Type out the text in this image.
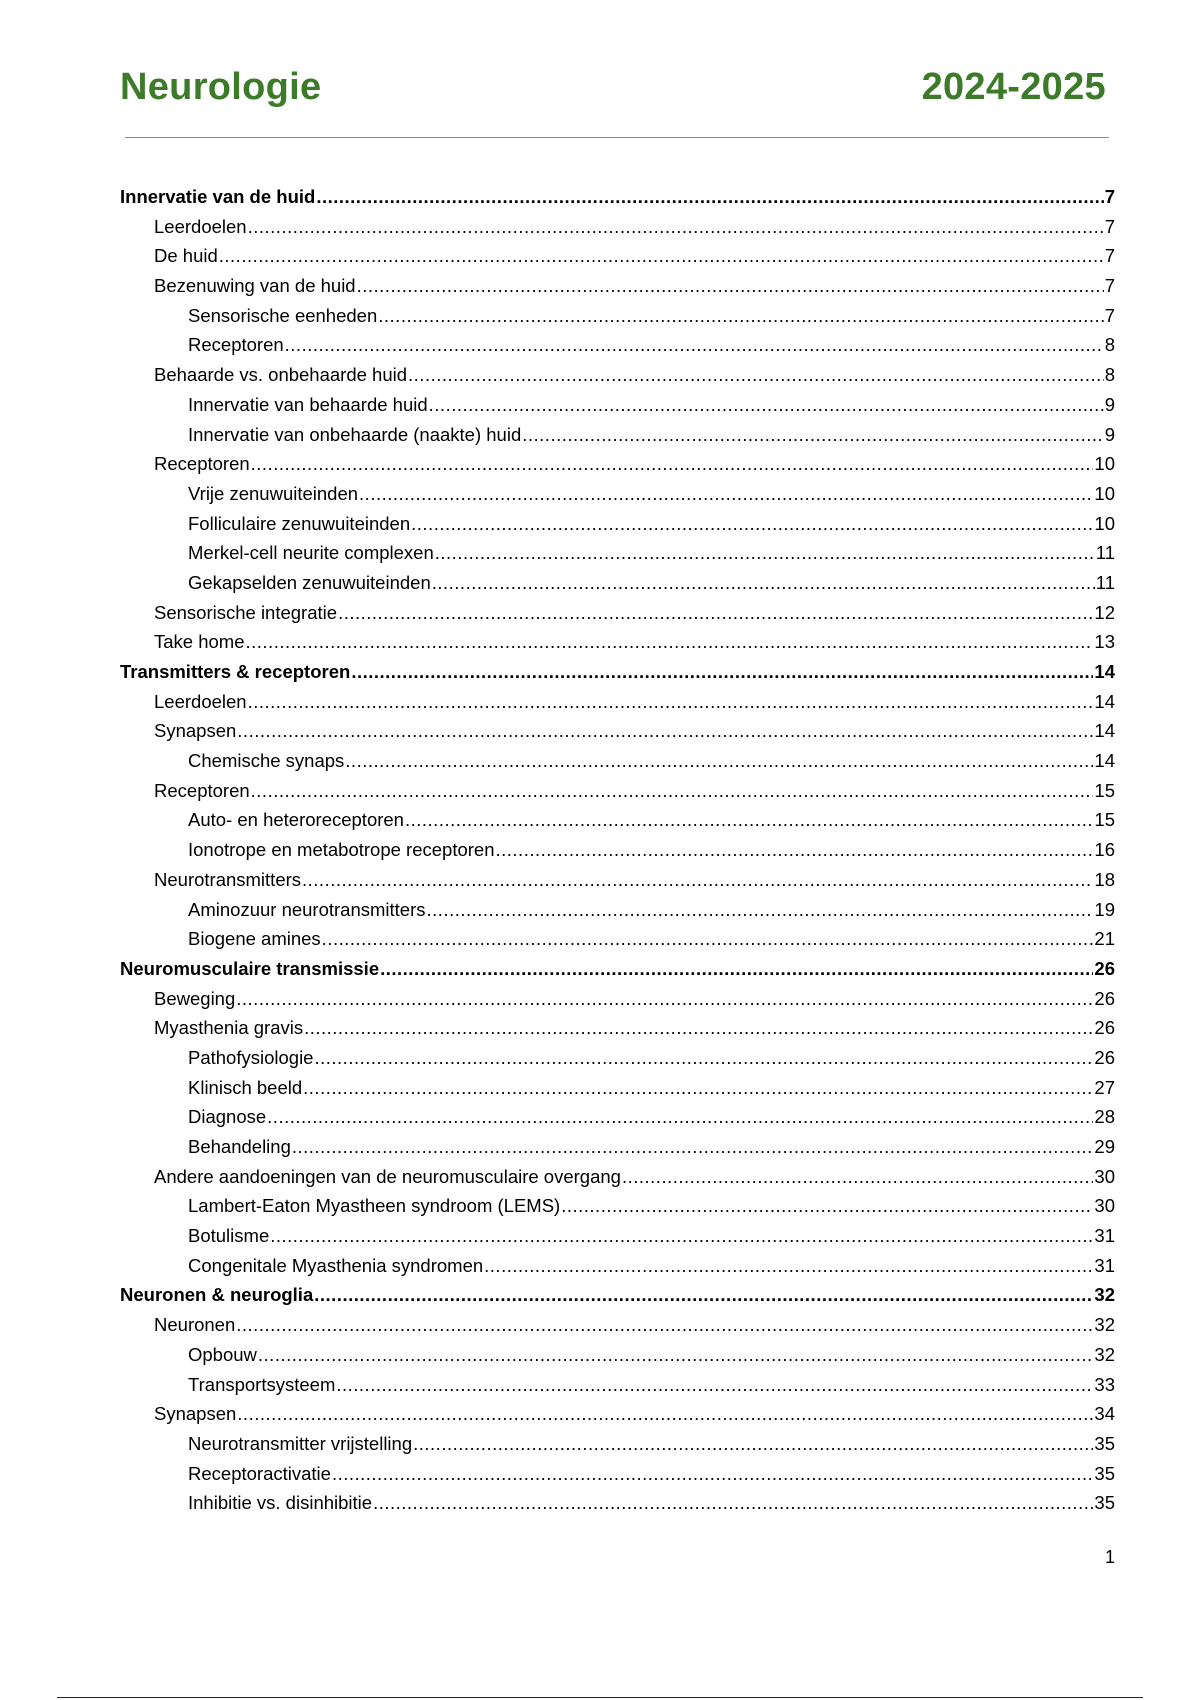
Neurologie	2024-2025
Innervatie van de huid .....	7
Leerdoelen .....	7
De huid .....	7
Bezenuwing van de huid .....	7
Sensorische eenheden .....	7
Receptoren .....	8
Behaarde vs. onbehaarde huid .....	8
Innervatie van behaarde huid .....	9
Innervatie van onbehaarde (naakte) huid .....	9
Receptoren .....	10
Vrije zenuwuiteinden .....	10
Folliculaire zenuwuiteinden .....	10
Merkel-cell neurite complexen .....	11
Gekapselden zenuwuiteinden .....	11
Sensorische integratie .....	12
Take home .....	13
Transmitters & receptoren .....	14
Leerdoelen .....	14
Synapsen .....	14
Chemische synaps .....	14
Receptoren .....	15
Auto- en heteroreceptoren .....	15
Ionotrope en metabotrope receptoren .....	16
Neurotransmitters .....	18
Aminozuur neurotransmitters .....	19
Biogene amines .....	21
Neuromusculaire transmissie .....	26
Beweging .....	26
Myasthenia gravis .....	26
Pathofysiologie .....	26
Klinisch beeld .....	27
Diagnose .....	28
Behandeling .....	29
Andere aandoeningen van de neuromusculaire overgang .....	30
Lambert-Eaton Myastheen syndroom (LEMS) .....	30
Botulisme .....	31
Congenitale Myasthenia syndromen .....	31
Neuronen & neuroglia .....	32
Neuronen .....	32
Opbouw .....	32
Transportsysteem .....	33
Synapsen .....	34
Neurotransmitter vrijstelling .....	35
Receptoractivatie .....	35
Inhibitie vs. disinhibitie .....	35
1
